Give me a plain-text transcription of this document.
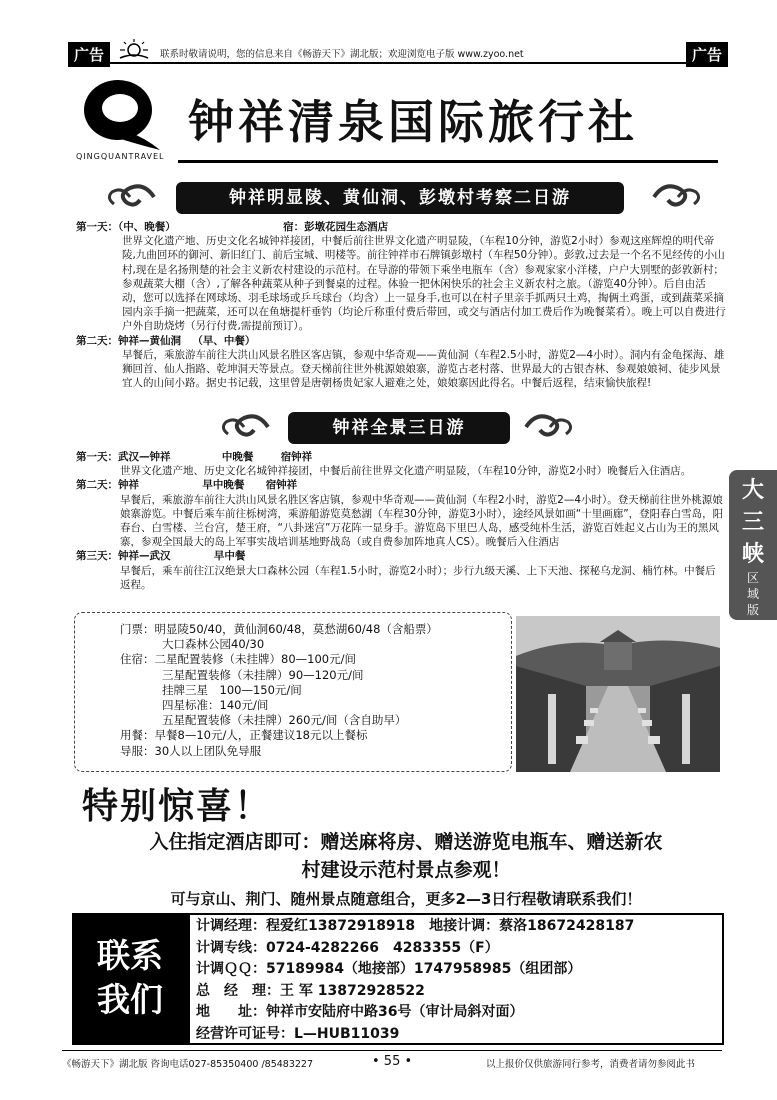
广告	广告
联系时敬请说明，您的信息来自《畅游天下》湖北版；欢迎浏览电子版 www.zyoo.net
QINGQUANTRAVEL
钟祥清泉国际旅行社
钟祥明显陵、黄仙洞、彭墩村考察二日游
第一天：（中、晚餐）	宿：彭墩花园生态酒店
世界文化遗产地、历史文化名城钟祥接团，中餐后前往世界文化遗产明显陵，（车程10分钟，游览2小时）参观这座辉煌的明代帝陵,九曲回环的御河、新旧红门、前后宝城、明楼等。前往钟祥市石牌镇彭墩村（车程50分钟）。彭敦,过去是一个名不见经传的小山村,现在是名扬荆楚的社会主义新农村建设的示范村。在导游的带领下乘坐电瓶车（含）参观家家小洋楼，户户大别墅的彭敦新村；参观蔬菜大棚（含）,了解各种蔬菜从种子到餐桌的过程。体验一把休闲快乐的社会主义新农村之旅。（游览40分钟）。后自由活动，您可以选择在网球场、羽毛球场或乒乓球台（均含）上一显身手,也可以在村子里亲手抓两只土鸡，掏俩土鸡蛋，或到蔬菜采摘园内亲手摘一把蔬菜，还可以在鱼塘提杆垂钓（均论斤称重付费后带回，或交与酒店付加工费后作为晚餐菜肴）。晚上可以自费进行户外自助烧烤（另行付费,需提前预订）。
第二天：钟祥—黄仙洞 （早、中餐）
早餐后，乘旅游车前往大洪山风景名胜区客店镇，参观中华奇观——黄仙洞（车程2.5小时，游览2—4小时）。洞内有金龟探海、雄狮回首、仙人指路、乾坤洞天等景点。登天梯前往世外桃源娘娘寨，游览古老村落、世界最大的古银杏林、参观娘娘祠、徒步风景宜人的山间小路。据史书记载，这里曾是唐朝杨贵妃家人避难之处，娘娘寨因此得名。中餐后返程，结束愉快旅程!
钟祥全景三日游
第一天：武汉—钟祥	中晚餐	宿钟祥
世界文化遗产地、历史文化名城钟祥接团，中餐后前往世界文化遗产明显陵，（车程10分钟，游览2小时）晚餐后入住酒店。
第二天：钟祥	早中晚餐 宿钟祥
早餐后，乘旅游车前往大洪山风景名胜区客店镇，参观中华奇观——黄仙洞（车程2小时，游览2—4小时）。登天梯前往世外桃源娘娘寨游览。中餐后乘车前往栎树湾，乘游船游览莫愁湖（车程30分钟，游览3小时），途经风景如画“十里画廊”，登阳春白雪岛，阳春台、白雪楼、兰台宫，楚王府，“八卦迷宫”万花阵一显身手。游览岛下里巴人岛，感受纯朴生活，游览百姓起义占山为王的黑风寨，参观全国最大的岛上军事实战培训基地野战岛（或自费参加阵地真人CS）。晚餐后入住酒店
第三天：钟祥—武汉	早中餐
早餐后，乘车前往江汉绝景大口森林公园（车程1.5小时，游览2小时）；步行九级天溪、上下天池、探秘乌龙洞、楠竹林。中餐后返程。
门票：明显陵50/40，黄仙洞60/48，莫愁湖60/48（含船票）
大口森林公园40/30
住宿：二星配置装修（未挂牌）80—100元/间
三星配置装修（未挂牌）90—120元/间
挂牌三星　100—150元/间
四星标准：140元/间
五星配置装修（未挂牌）260元/间（含自助早）
用餐：早餐8—10元/人，正餐建议18元以上餐标
导服：30人以上团队免导服
特别惊喜！
入住指定酒店即可：赠送麻将房、赠送游览电瓶车、赠送新农
村建设示范村景点参观！
可与京山、荆门、随州景点随意组合，更多2—3日行程敬请联系我们！
联系
我们
计调经理：程爱红13872918918　地接计调：蔡洛18672428187
计调专线：0724-4282266　4283355（F）
计调ＱＱ：57189984（地接部）1747958985（组团部）
总　经　理：王 军 13872928522
地　　址：钟祥市安陆府中路36号（审计局斜对面）
经营许可证号：L—HUB11039
大
三
峡
区
域
版
《畅游天下》湖北版 咨询电话027-85350400 /85483227	• 55 •	以上报价仅供旅游同行参考，消费者请勿参阅此书
